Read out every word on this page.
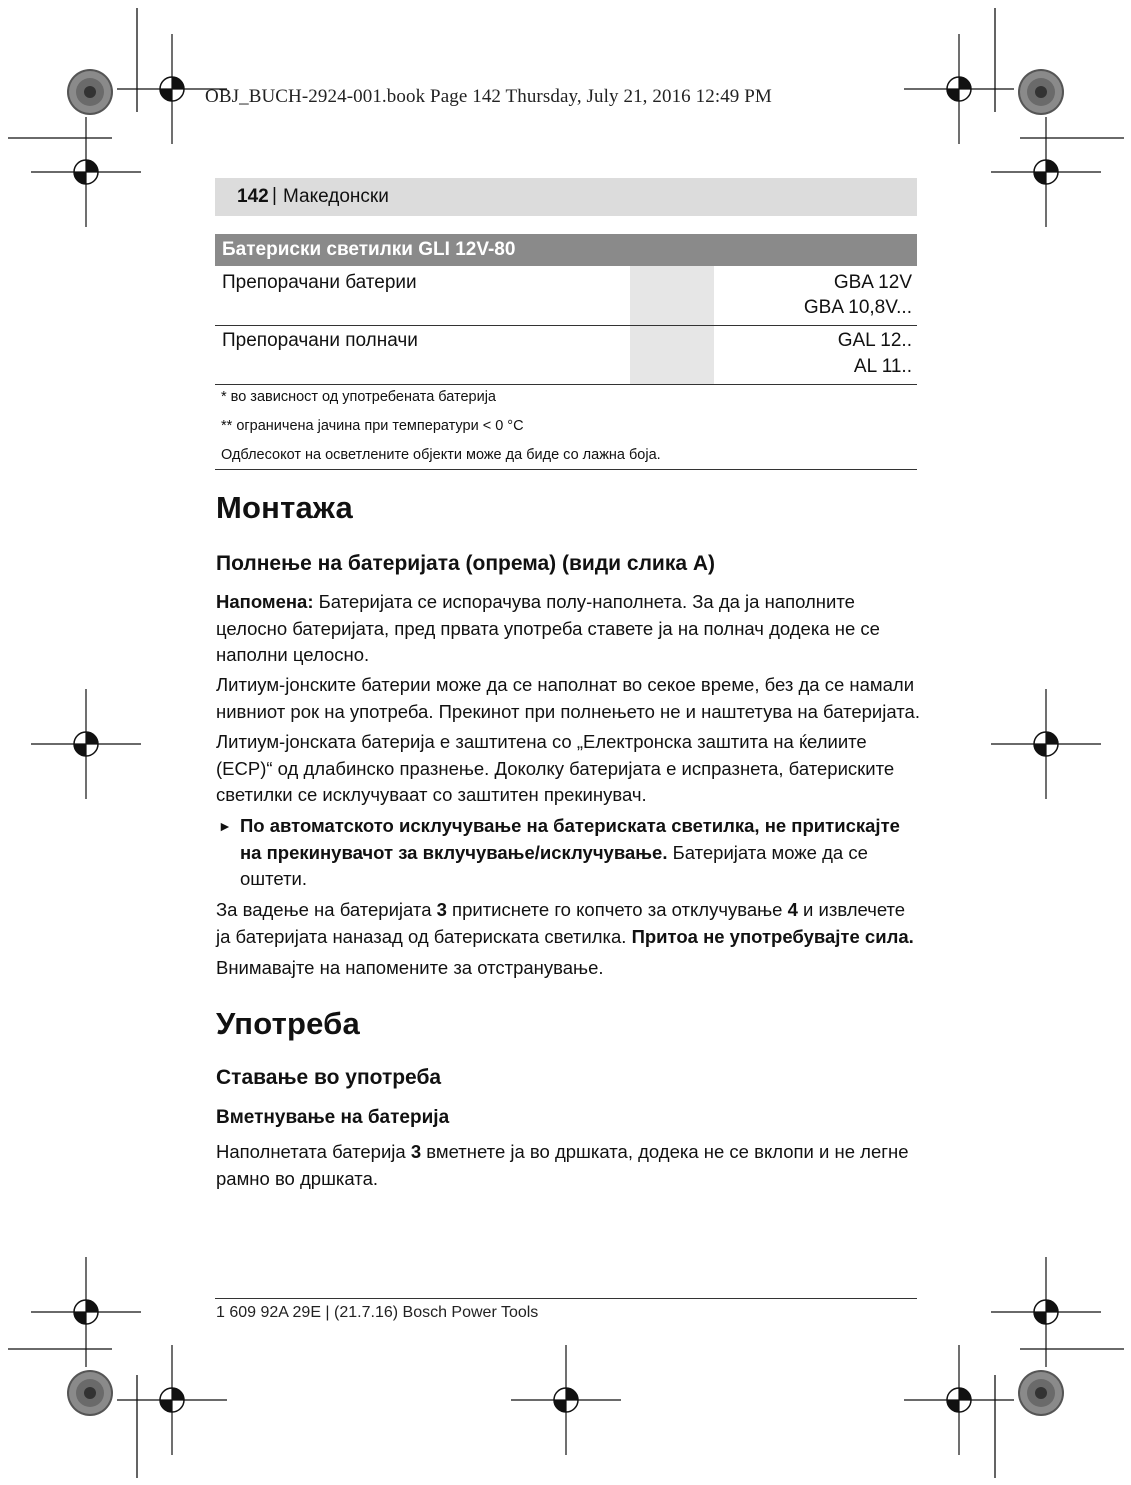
OBJ_BUCH-2924-001.book Page 142 Thursday, July 21, 2016 12:49 PM
142 | Македонски
Батериски светилки GLI 12V-80
Препорачани батерии	GBA 12V
GBA 10,8V...
Препорачани полначи	GAL 12..
AL 11..
* во зависност од употребената батерија
** ограничена јачина при температури < 0 °C
Одблесокот на осветлените објекти може да биде со лажна боја.
Монтажа
Полнење на батеријата (опрема) (види слика A)
Напомена: Батеријата се испорачува полу-наполнета. За да ја наполните целосно батеријата, пред првата употреба ставете ја на полнач додека не се наполни целосно.
Литиум-јонските батерии може да се наполнат во секое време, без да се намали нивниот рок на употреба. Прекинот при полнењето не и наштетува на батеријата.
Литиум-јонската батерија е заштитена со „Електронска заштита на ќелиите (ECP)“ од длабинско празнење. Доколку батеријата е испразнета, батериските светилки се исклучуваат со заштитен прекинувач.
► По автоматското исклучување на батериската светилка, не притискајте на прекинувачот за вклучување/исклучување. Батеријата може да се оштети.
За вадење на батеријата 3 притиснете го копчето за отклучување 4 и извлечете ја батеријата наназад од батериската светилка. Притоа не употребувајте сила.
Внимавајте на напомените за отстранување.
Употреба
Ставање во употреба
Вметнување на батерија
Наполнетата батерија 3 вметнете ја во дршката, додека не се вклопи и не легне рамно во дршката.
1 609 92A 29E | (21.7.16) Bosch Power Tools
